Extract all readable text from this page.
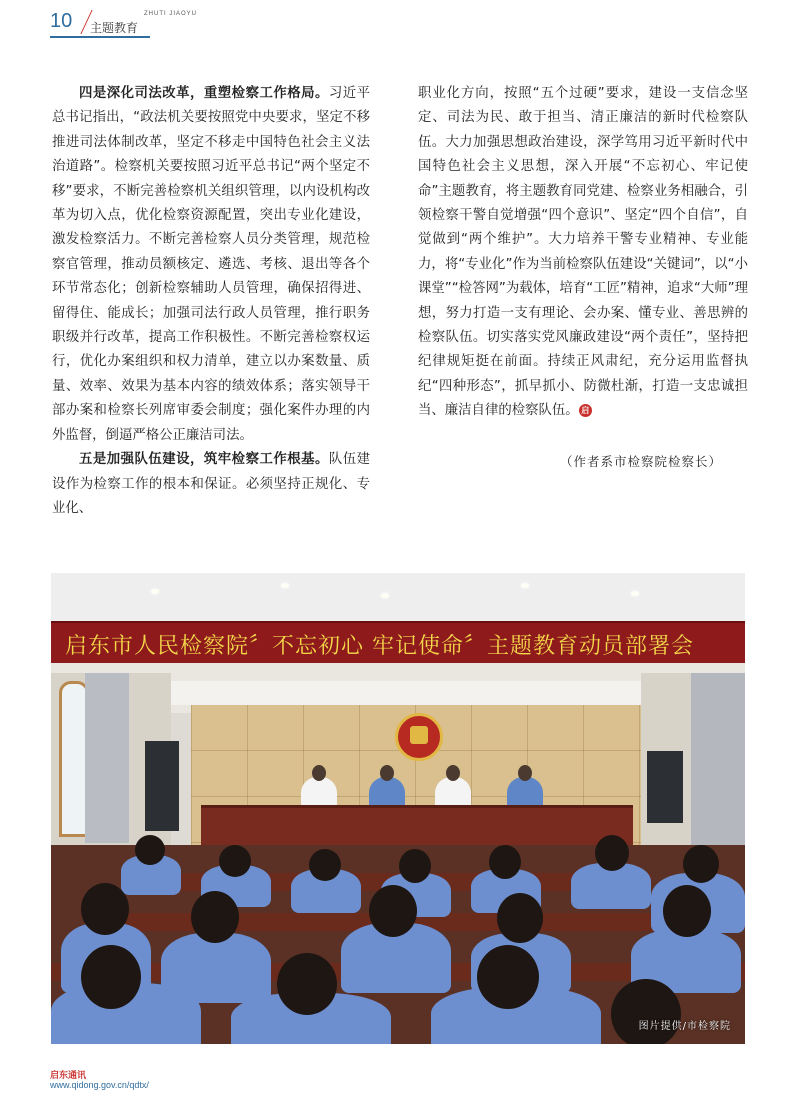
10	ZHUTI JIAOYU
主题教育

四是深化司法改革，重塑检察工作格局。习近平总书记指出，“政法机关要按照党中央要求，坚定不移推进司法体制改革，坚定不移走中国特色社会主义法治道路”。检察机关要按照习近平总书记“两个坚定不移”要求，不断完善检察机关组织管理，以内设机构改革为切入点，优化检察资源配置，突出专业化建设，激发检察活力。不断完善检察人员分类管理，规范检察官管理，推动员额核定、遴选、考核、退出等各个环节常态化；创新检察辅助人员管理，确保招得进、留得住、能成长；加强司法行政人员管理，推行职务职级并行改革，提高工作积极性。不断完善检察权运行，优化办案组织和权力清单，建立以办案数量、质量、效率、效果为基本内容的绩效体系；落实领导干部办案和检察长列席审委会制度；强化案件办理的内外监督，倒逼严格公正廉洁司法。

五是加强队伍建设，筑牢检察工作根基。队伍建设作为检察工作的根本和保证。必须坚持正规化、专业化、

职业化方向，按照“五个过硬”要求，建设一支信念坚定、司法为民、敢于担当、清正廉洁的新时代检察队伍。大力加强思想政治建设，深学笃用习近平新时代中国特色社会主义思想，深入开展“不忘初心、牢记使命”主题教育，将主题教育同党建、检察业务相融合，引领检察干警自觉增强“四个意识”、坚定“四个自信”，自觉做到“两个维护”。大力培养干警专业精神、专业能力，将“专业化”作为当前检察队伍建设“关键词”，以“小课堂”“检答网”为载体，培育“工匠”精神，追求“大师”理想，努力打造一支有理论、会办案、懂专业、善思辨的检察队伍。切实落实党风廉政建设“两个责任”，坚持把纪律规矩挺在前面。持续正风肃纪，充分运用监督执纪“四种形态”，抓早抓小、防微杜渐，打造一支忠诚担当、廉洁自律的检察队伍。 启

（作者系市检察院检察长）
启东市人民检察院〞不忘初心 牢记使命〞主题教育动员部署会
图片提供/市检察院
启东通讯
www.qidong.gov.cn/qdtx/
